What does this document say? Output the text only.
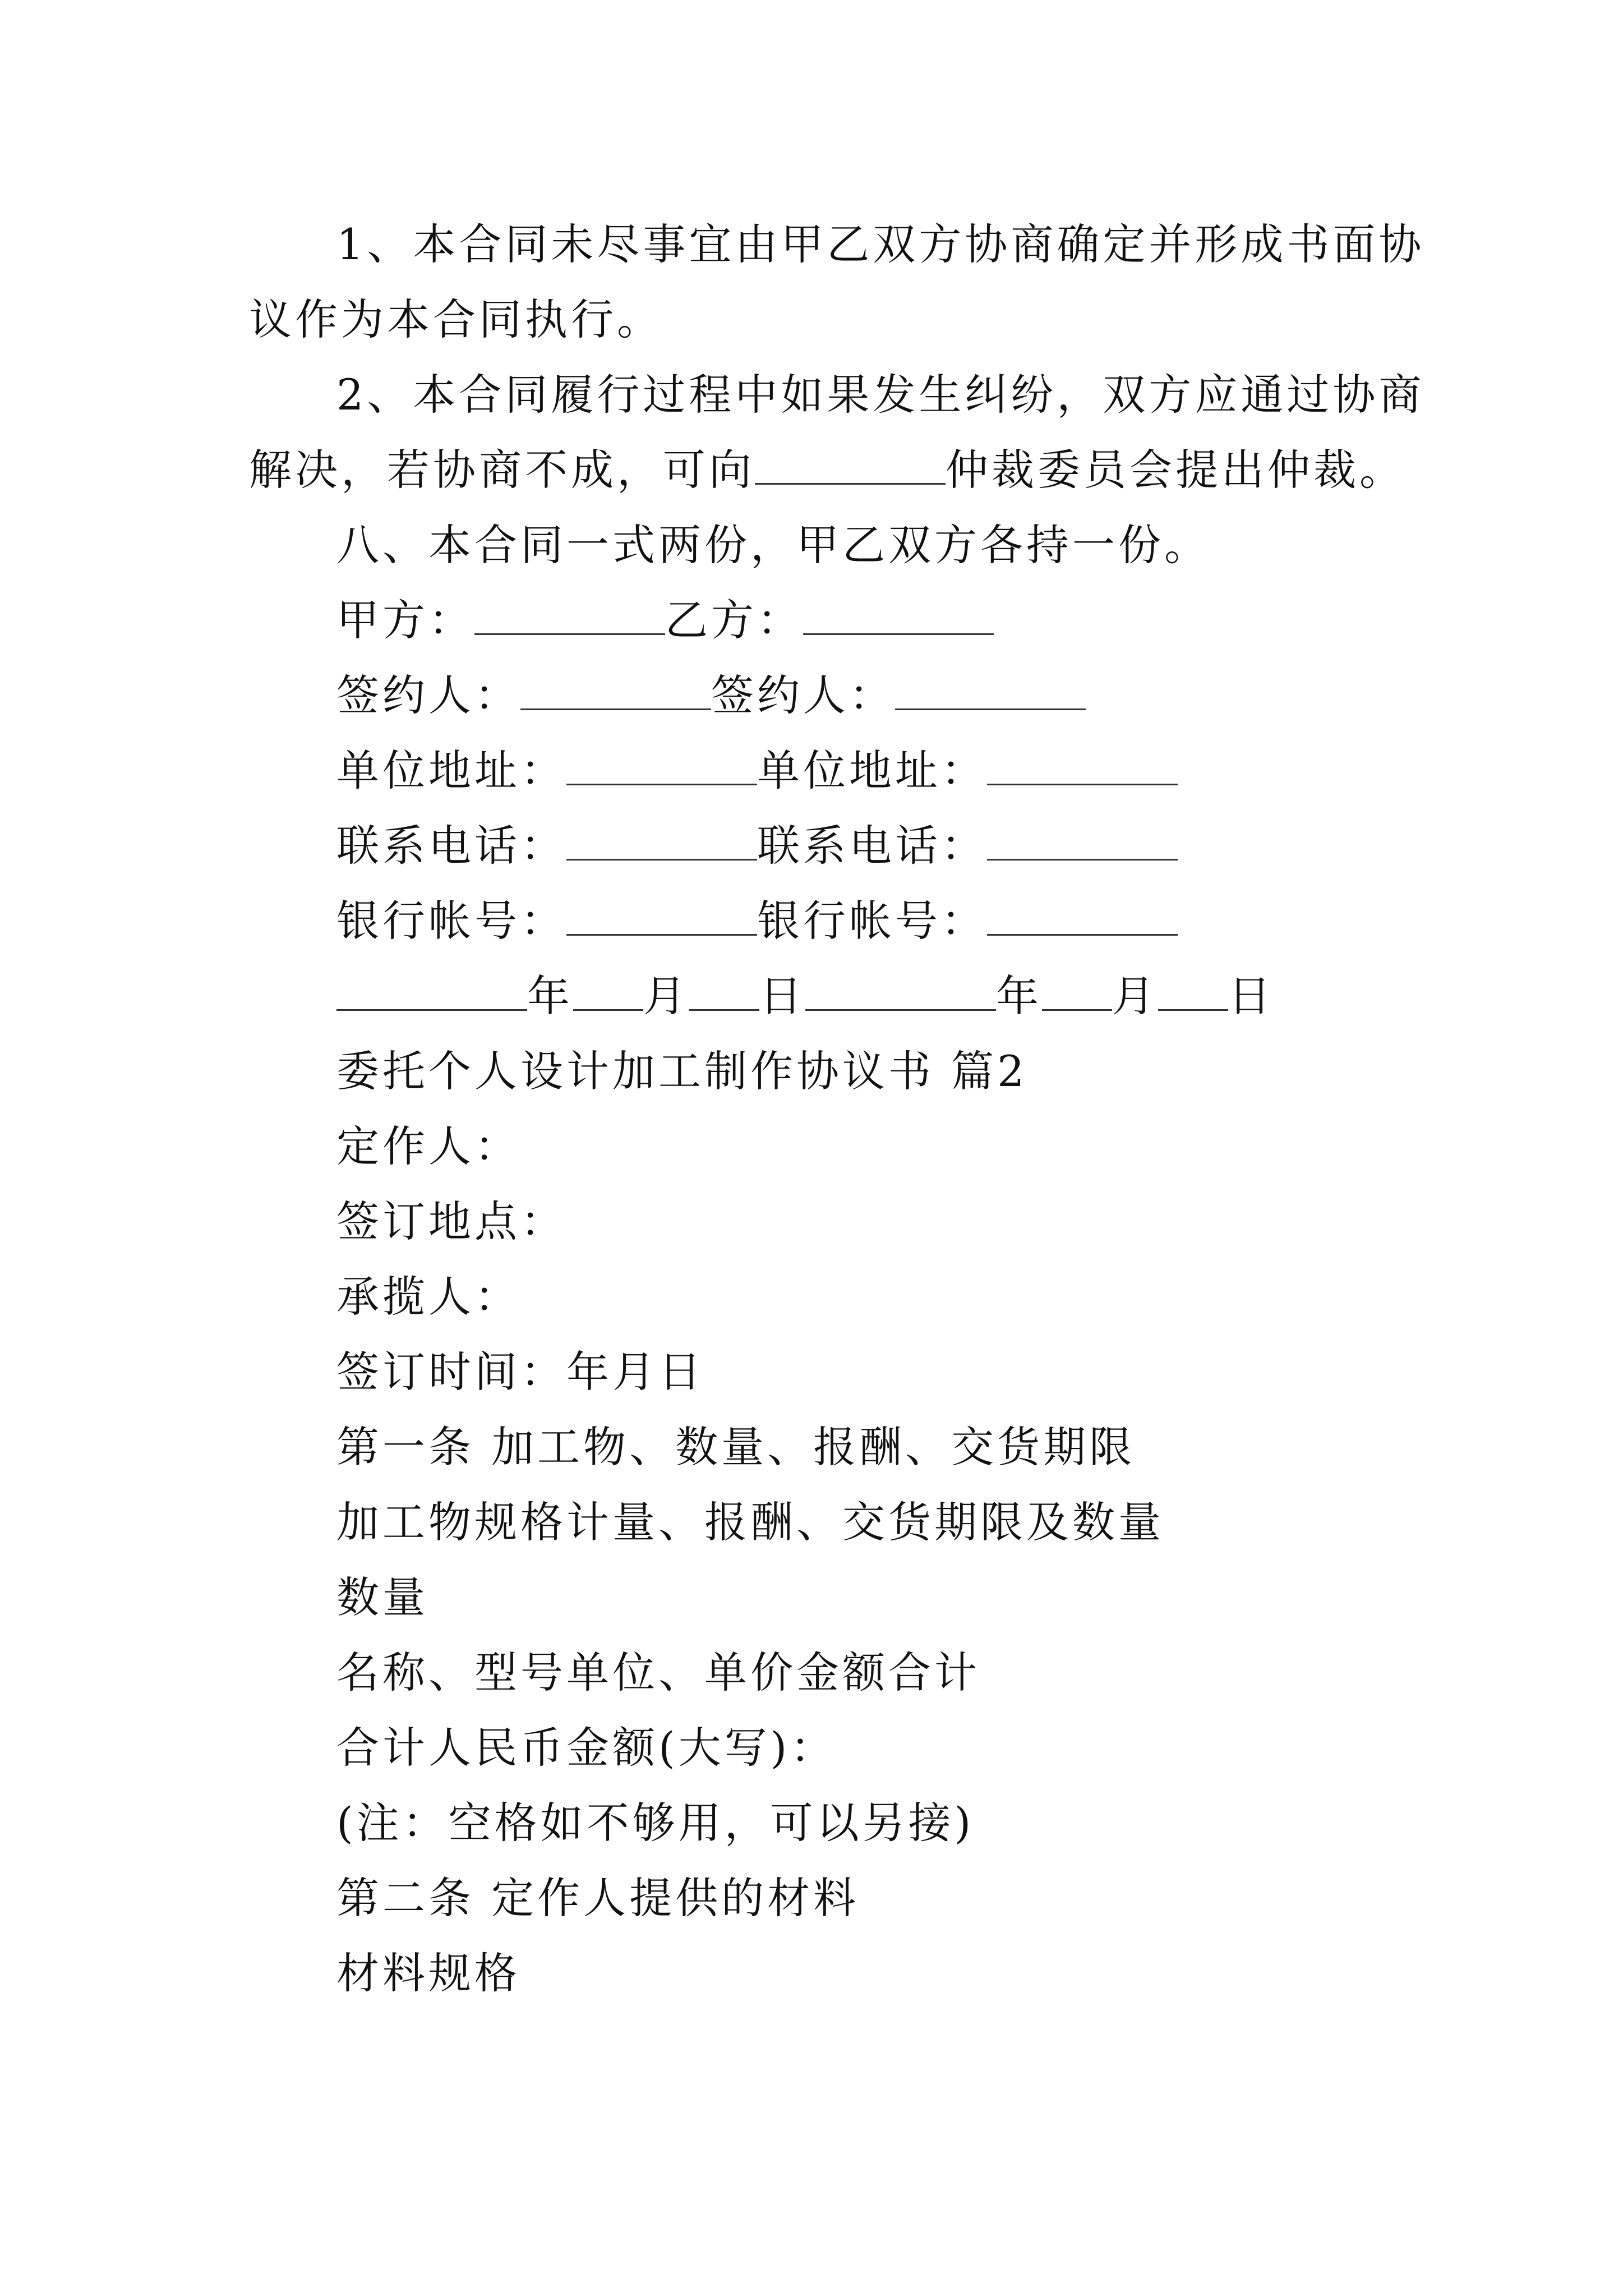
1、本合同未尽事宜由甲乙双方协商确定并形成书面协
议作为本合同执行。
2、本合同履行过程中如果发生纠纷，双方应通过协商
解决，若协商不成，可向	仲裁委员会提出仲裁。
八、本合同一式两份，甲乙双方各持一份。
甲方：	乙方：
签约人：	签约人：
单位地址：	单位地址：
联系电话：	联系电话：
银行帐号：	银行帐号：
年 月 日	年 月 日
委托个人设计加工制作协议书 篇2
定作人：
签订地点：
承揽人：
签订时间：年月日
第一条 加工物、数量、报酬、交货期限
加工物规格计量、报酬、交货期限及数量
数量
名称、型号单位、单价金额合计
合计人民币金额(大写)：
(注：空格如不够用，可以另接)
第二条 定作人提供的材料
材料规格
